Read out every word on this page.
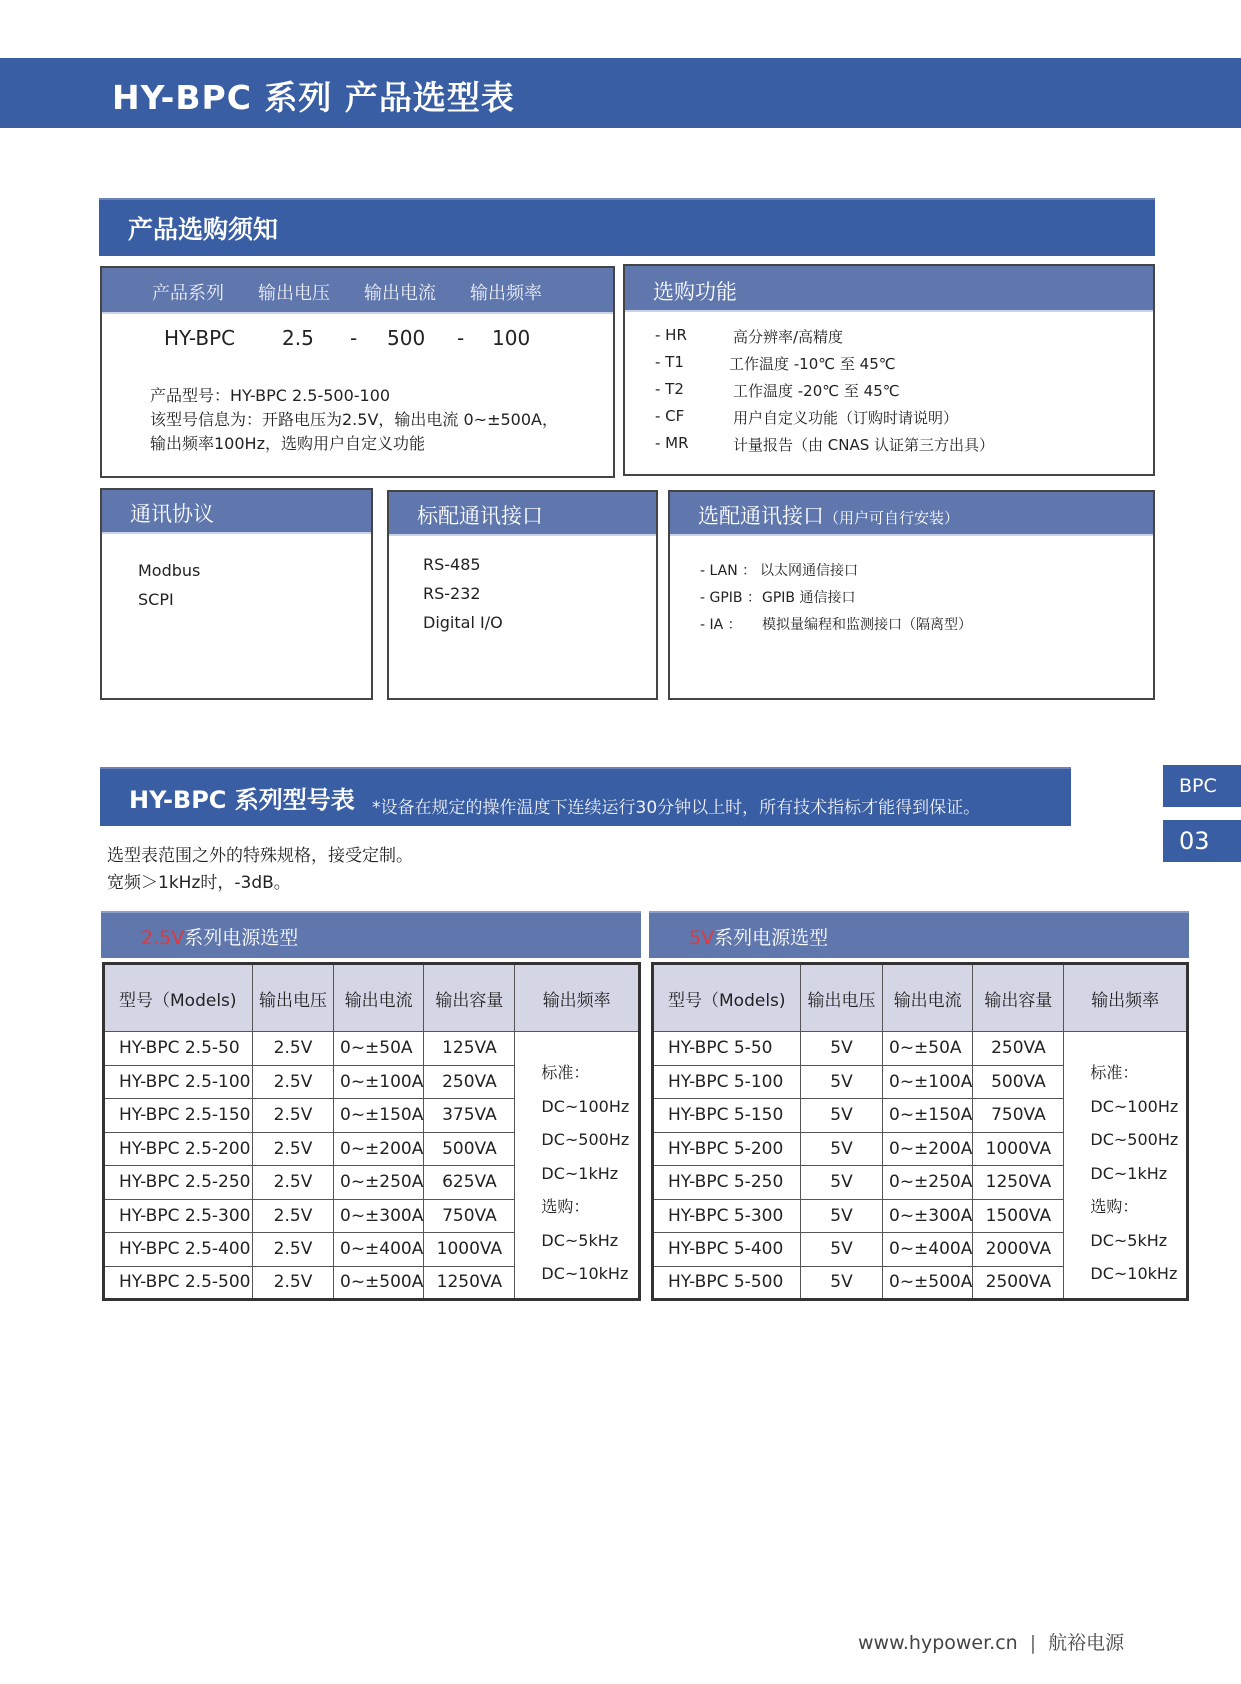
HY-BPC 系列 产品选型表
产品选购须知
产品系列 输出电压 输出电流 输出频率
HY-BPC 2.5 - 500 - 100
产品型号：HY-BPC 2.5-500-100
该型号信息为：开路电压为2.5V，输出电流 0~±500A，
输出频率100Hz，选购用户自定义功能
选购功能
- HR	高分辨率/高精度
- T1	工作温度 -10℃ 至 45℃
- T2	工作温度 -20℃ 至 45℃
- CF	用户自定义功能（订购时请说明）
- MR	计量报告（由 CNAS 认证第三方出具）
通讯协议
Modbus
SCPI
标配通讯接口
RS-485
RS-232
Digital I/O
选配通讯接口（用户可自行安装）
- LAN ： 以太网通信接口
- GPIB ： GPIB 通信接口
- IA ： 模拟量编程和监测接口（隔离型）
HY-BPC 系列型号表 *设备在规定的操作温度下连续运行30分钟以上时，所有技术指标才能得到保证。
BPC
03
选型表范围之外的特殊规格，接受定制。
宽频＞1kHz时，-3dB。
2.5V系列电源选型	5V系列电源选型
型号（Models)	输出电压	输出电流	输出容量	输出频率
HY-BPC 2.5-50	2.5V	0~±50A	125VA	
标准：
DC~100Hz
DC~500Hz
DC~1kHz
选购：
DC~5kHz
DC~10kHz

HY-BPC 2.5-100	2.5V	0~±100A	250VA	
HY-BPC 2.5-150	2.5V	0~±150A	375VA	
HY-BPC 2.5-200	2.5V	0~±200A	500VA	
HY-BPC 2.5-250	2.5V	0~±250A	625VA	
HY-BPC 2.5-300	2.5V	0~±300A	750VA	
HY-BPC 2.5-400	2.5V	0~±400A	1000VA	
HY-BPC 2.5-500	2.5V	0~±500A	1250VA	
型号（Models)	输出电压	输出电流	输出容量	输出频率
HY-BPC 5-50	5V	0~±50A	250VA	
标准：
DC~100Hz
DC~500Hz
DC~1kHz
选购：
DC~5kHz
DC~10kHz

HY-BPC 5-100	5V	0~±100A	500VA	
HY-BPC 5-150	5V	0~±150A	750VA	
HY-BPC 5-200	5V	0~±200A	1000VA	
HY-BPC 5-250	5V	0~±250A	1250VA	
HY-BPC 5-300	5V	0~±300A	1500VA	
HY-BPC 5-400	5V	0~±400A	2000VA	
HY-BPC 5-500	5V	0~±500A	2500VA	
www.hypower.cn | 航裕电源
